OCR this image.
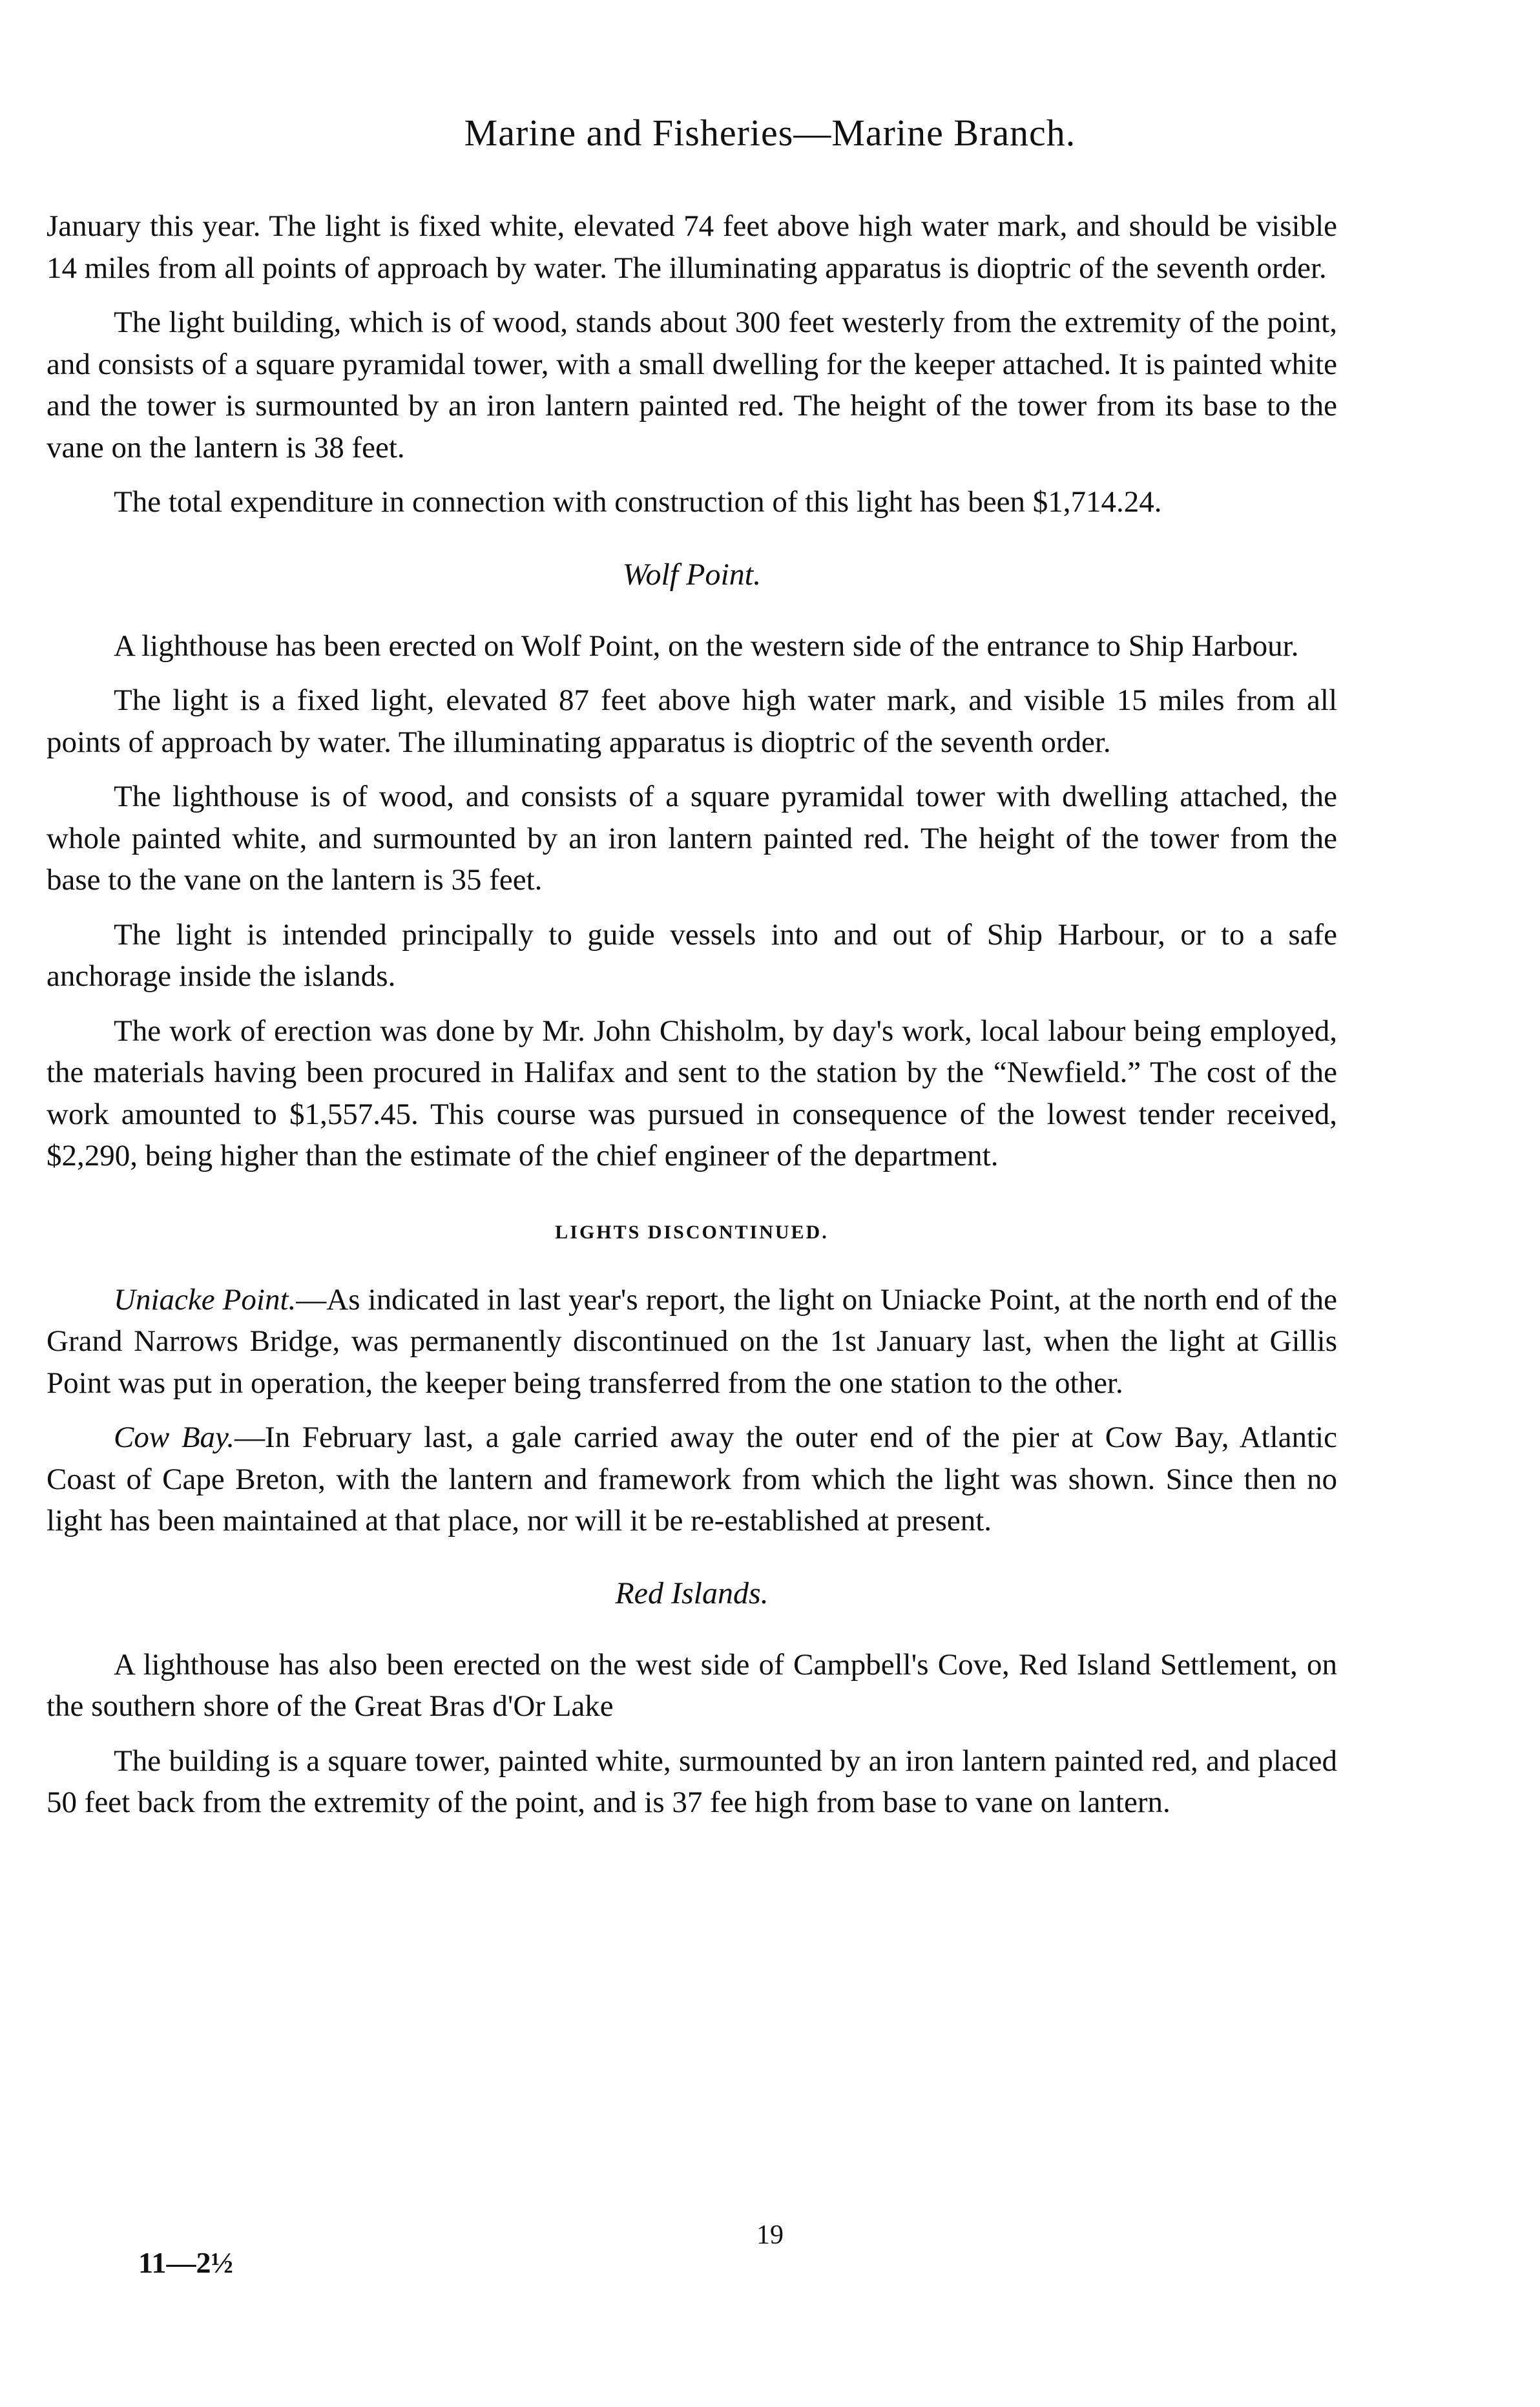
Marine and Fisheries—Marine Branch.

January this year. The light is fixed white, elevated 74 feet above high water mark, and should be visible 14 miles from all points of approach by water. The illuminating apparatus is dioptric of the seventh order.

The light building, which is of wood, stands about 300 feet westerly from the extremity of the point, and consists of a square pyramidal tower, with a small dwelling for the keeper attached. It is painted white and the tower is surmounted by an iron lantern painted red. The height of the tower from its base to the vane on the lantern is 38 feet.

The total expenditure in connection with construction of this light has been $1,714.24.

Wolf Point.

A lighthouse has been erected on Wolf Point, on the western side of the entrance to Ship Harbour.

The light is a fixed light, elevated 87 feet above high water mark, and visible 15 miles from all points of approach by water. The illuminating apparatus is dioptric of the seventh order.

The lighthouse is of wood, and consists of a square pyramidal tower with dwelling attached, the whole painted white, and surmounted by an iron lantern painted red. The height of the tower from the base to the vane on the lantern is 35 feet.

The light is intended principally to guide vessels into and out of Ship Harbour, or to a safe anchorage inside the islands.

The work of erection was done by Mr. John Chisholm, by day's work, local labour being employed, the materials having been procured in Halifax and sent to the station by the “Newfield.” The cost of the work amounted to $1,557.45. This course was pursued in consequence of the lowest tender received, $2,290, being higher than the estimate of the chief engineer of the department.

LIGHTS DISCONTINUED.

Uniacke Point.—As indicated in last year's report, the light on Uniacke Point, at the north end of the Grand Narrows Bridge, was permanently discontinued on the 1st January last, when the light at Gillis Point was put in operation, the keeper being transferred from the one station to the other.

Cow Bay.—In February last, a gale carried away the outer end of the pier at Cow Bay, Atlantic Coast of Cape Breton, with the lantern and framework from which the light was shown. Since then no light has been maintained at that place, nor will it be re-established at present.

Red Islands.

A lighthouse has also been erected on the west side of Campbell's Cove, Red Island Settlement, on the southern shore of the Great Bras d'Or Lake

The building is a square tower, painted white, surmounted by an iron lantern painted red, and placed 50 feet back from the extremity of the point, and is 37 fee high from base to vane on lantern.

19
11—2½
